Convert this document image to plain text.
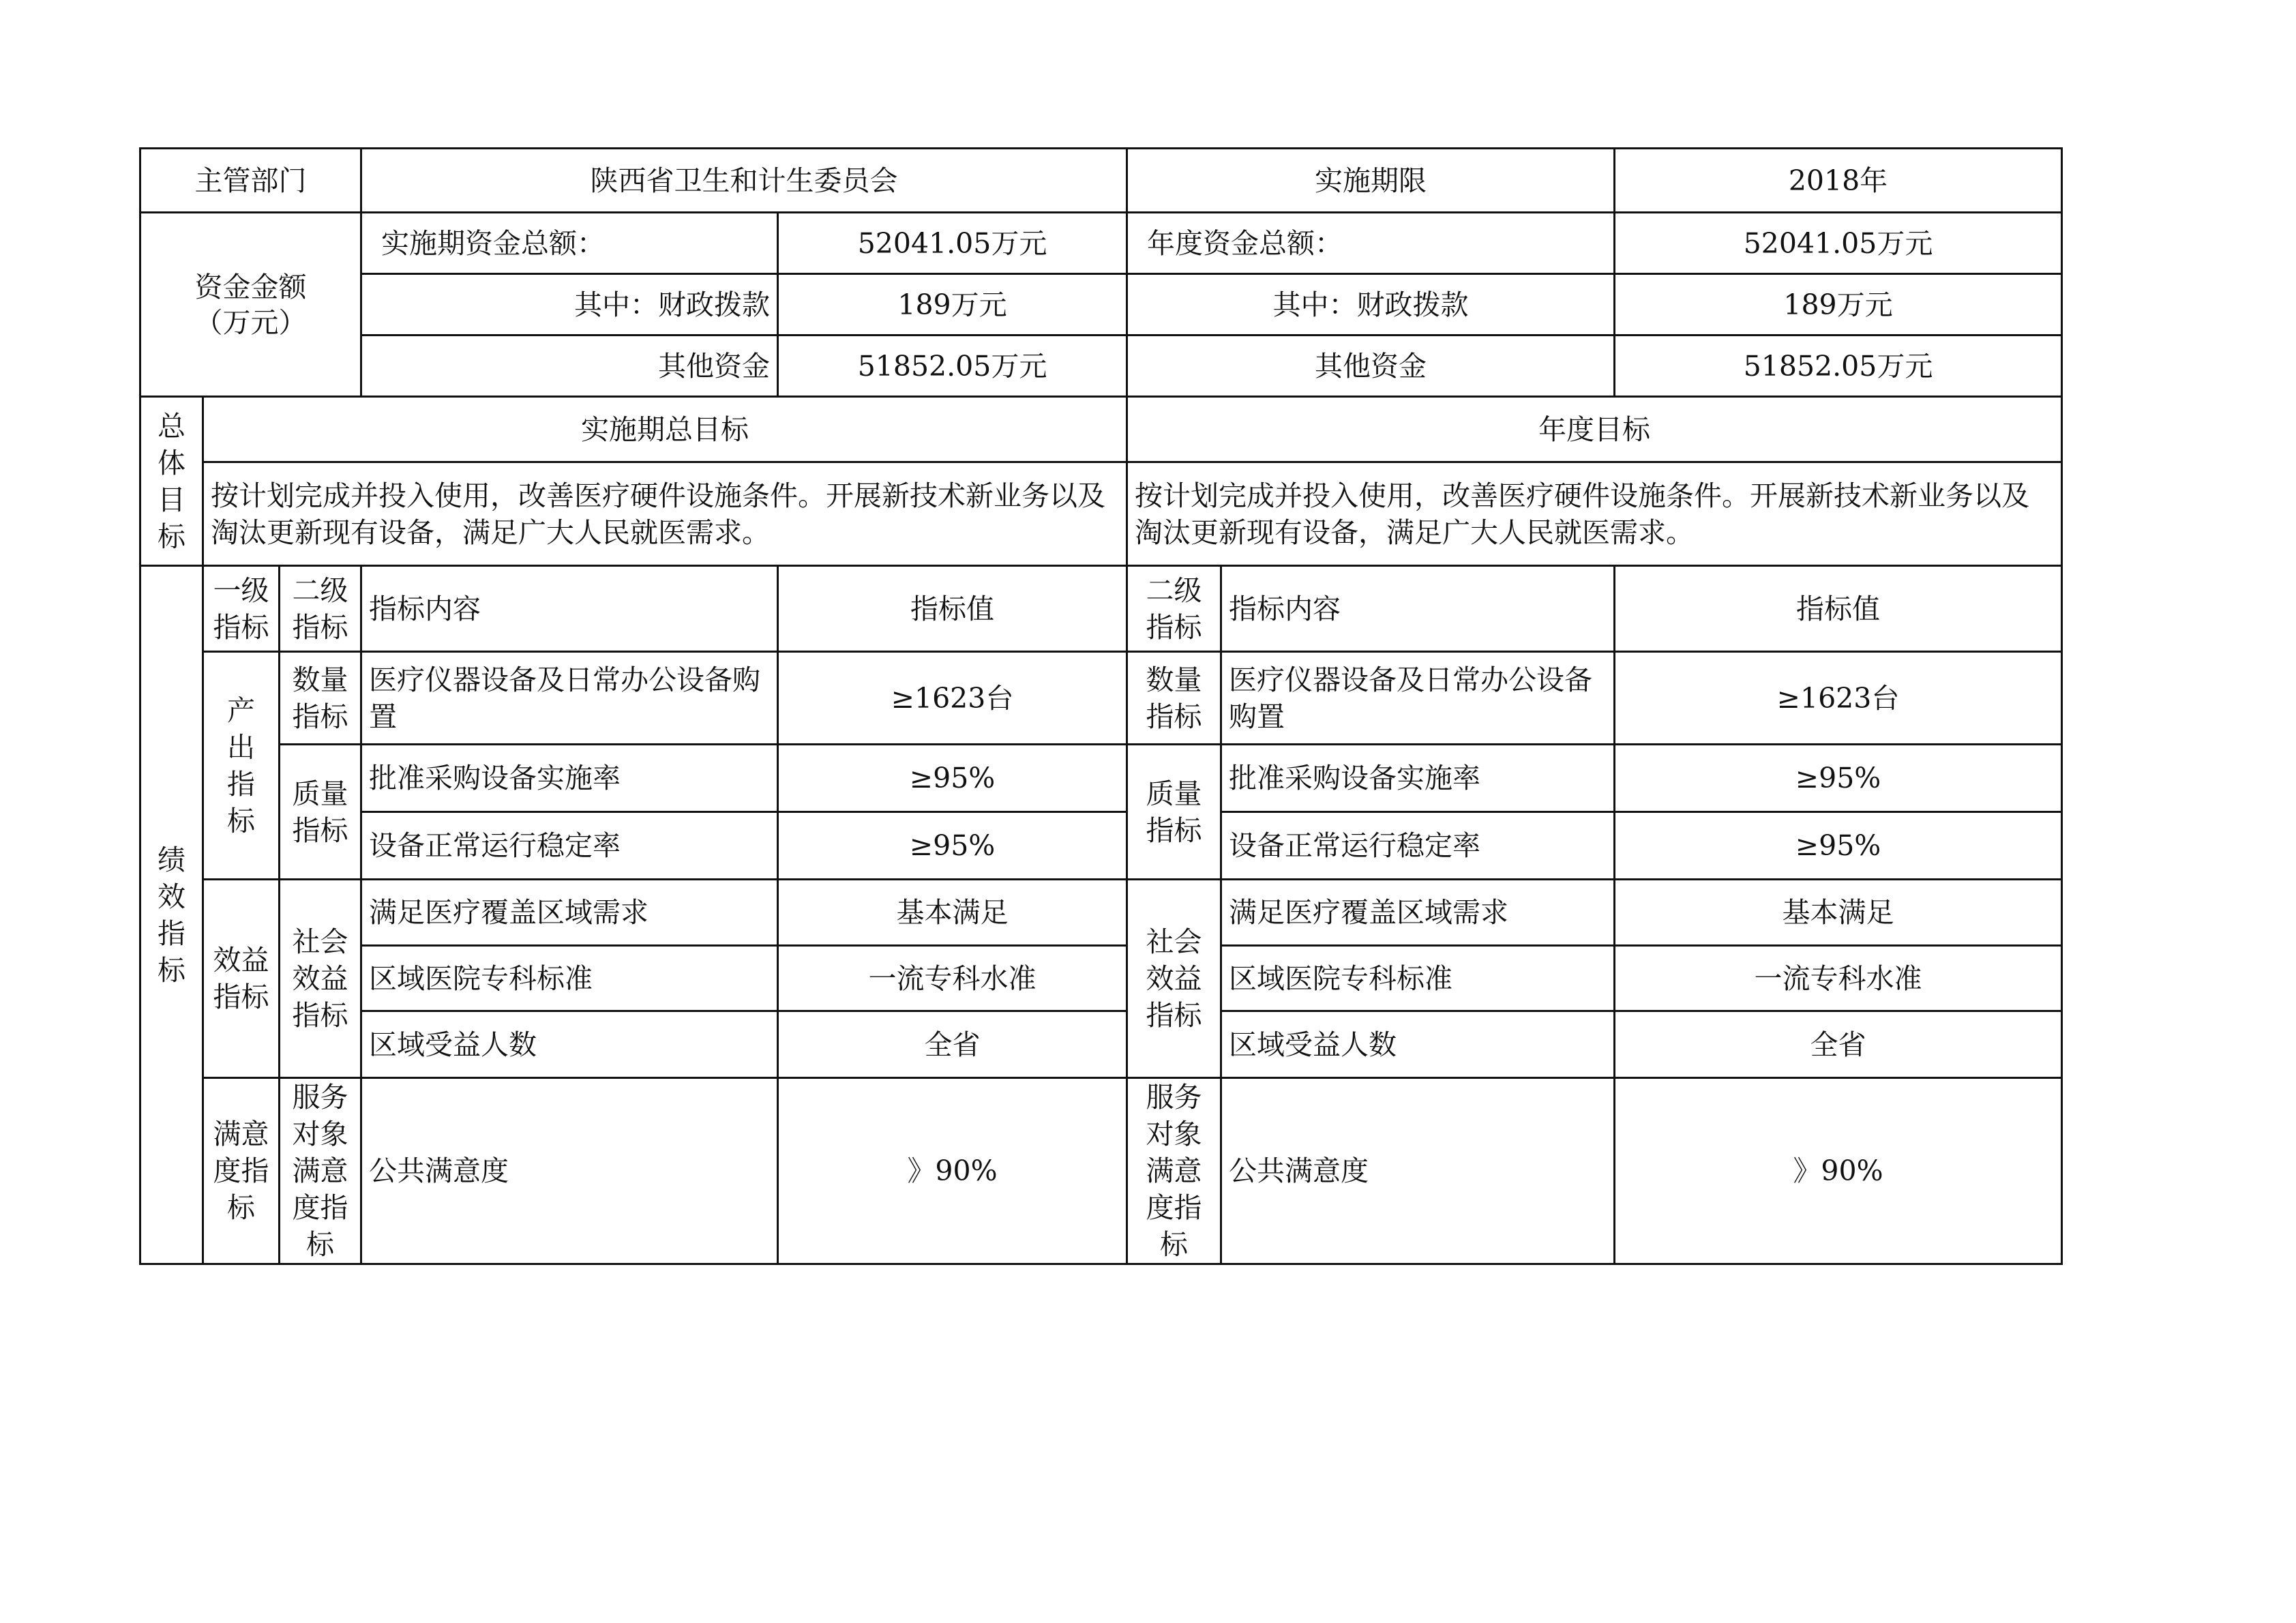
主管部门			陕西省卫生和计生委员会		实施期限		2018年
资金金额（万元）			实施期资金总额：	52041.05万元	年度资金总额：		52041.05万元
			其中：财政拨款	189万元	其中：财政拨款		189万元
			其他资金	51852.05万元	其他资金		51852.05万元
总体目标	实施期总目标				年度目标		
	按计划完成并投入使用，改善医疗硬件设施条件。开展新技术新业务以及淘汰更新现有设备，满足广大人民就医需求。				按计划完成并投入使用，改善医疗硬件设施条件。开展新技术新业务以及淘汰更新现有设备，满足广大人民就医需求。		
绩效指标	一级指标	二级指标	指标内容	指标值	二级指标	指标内容	指标值
	产出指标	数量指标	医疗仪器设备及日常办公设备购置	≥1623台	数量指标	医疗仪器设备及日常办公设备购置	≥1623台
		质量指标	批准采购设备实施率	≥95%	质量指标	批准采购设备实施率	≥95%
			设备正常运行稳定率	≥95%		设备正常运行稳定率	≥95%
	效益指标	社会效益指标	满足医疗覆盖区域需求	基本满足	社会效益指标	满足医疗覆盖区域需求	基本满足
			区域医院专科标准	一流专科水准		区域医院专科标准	一流专科水准
			区域受益人数	全省		区域受益人数	全省
	满意度指标	服务对象满意度指标	公共满意度	》90%	服务对象满意度指标	公共满意度	》90%
